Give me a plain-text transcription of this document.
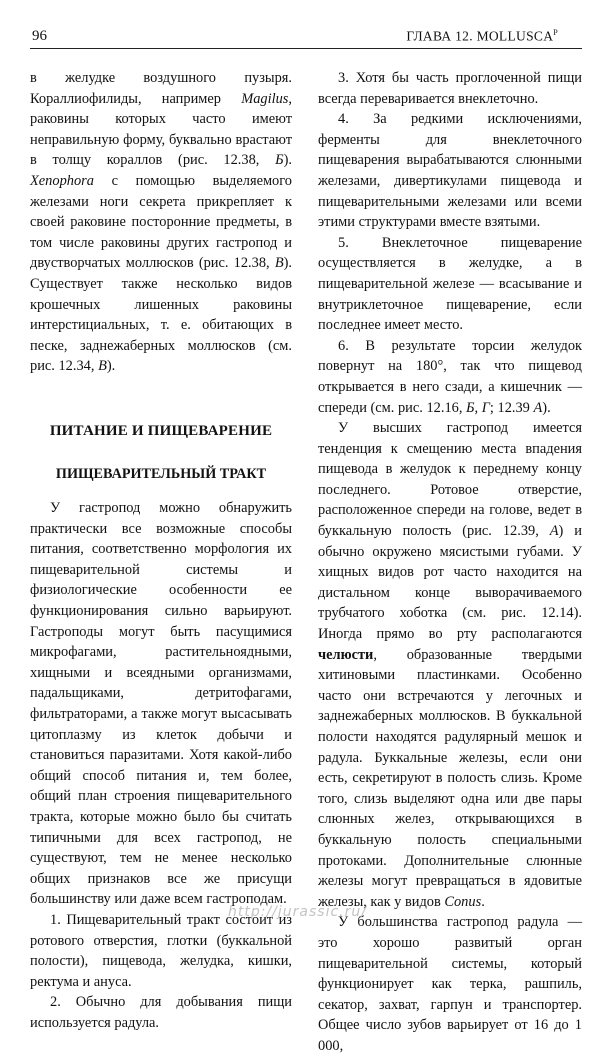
96	ГЛАВА 12. $MOLLUSCA^P$

в желудке воздушного пузыря. Кораллиофилиды, например Magilus, раковины которых часто имеют неправильную форму, буквально врастают в толщу кораллов (рис. 12.38, Б). Xenophora с помощью выделяемого железами ноги секрета прикрепляет к своей раковине посторонние предметы, в том числе раковины других гастропод и двустворчатых моллюсков (рис. 12.38, В). Существует также несколько видов крошечных лишенных раковины интерстициальных, т. е. обитающих в песке, заднежаберных моллюсков (см. рис. 12.34, В).

ПИТАНИЕ И ПИЩЕВАРЕНИЕ
ПИЩЕВАРИТЕЛЬНЫЙ ТРАКТ

У гастропод можно обнаружить практически все возможные способы питания, соответственно морфология их пищеварительной системы и физиологические особенности ее функционирования сильно варьируют. Гастроподы могут быть пасущимися микрофагами, растительноядными, хищными и всеядными организмами, падальщиками, детритофагами, фильтраторами, а также могут высасывать цитоплазму из клеток добычи и становиться паразитами. Хотя какой-либо общий способ питания и, тем более, общий план строения пищеварительного тракта, которые можно было бы считать типичными для всех гастропод, не существуют, тем не менее несколько общих признаков все же присущи большинству или даже всем гастроподам.

1. Пищеварительный тракт состоит из ротового отверстия, глотки (буккальной полости), пищевода, желудка, кишки, ректума и ануса.

2. Обычно для добывания пищи используется радула.

3. Хотя бы часть проглоченной пищи всегда переваривается внеклеточно.

4. За редкими исключениями, ферменты для внеклеточного пищеварения вырабатываются слюнными железами, дивертикулами пищевода и пищеварительными железами или всеми этими структурами вместе взятыми.

5. Внеклеточное пищеварение осуществляется в желудке, а в пищеварительной железе — всасывание и внутриклеточное пищеварение, если последнее имеет место.

6. В результате торсии желудок повернут на 180°, так что пищевод открывается в него сзади, а кишечник — спереди (см. рис. 12.16, Б, Г; 12.39 А).

У высших гастропод имеется тенденция к смещению места впадения пищевода в желудок к переднему концу последнего. Ротовое отверстие, расположенное спереди на голове, ведет в буккальную полость (рис. 12.39, А) и обычно окружено мясистыми губами. У хищных видов рот часто находится на дистальном конце выворачиваемого трубчатого хоботка (см. рис. 12.14). Иногда прямо во рту располагаются челюсти, образованные твердыми хитиновыми пластинками. Особенно часто они встречаются у легочных и заднежаберных моллюсков. В буккальной полости находятся радулярный мешок и радула. Буккальные железы, если они есть, секретируют в полость слизь. Кроме того, слизь выделяют одна или две пары слюнных желез, открывающихся в буккальную полость специальными протоками. Дополнительные слюнные железы могут превращаться в ядовитые железы, как у видов Conus.

У большинства гастропод радула — это хорошо развитый орган пищеварительной системы, который функционирует как терка, рашпиль, секатор, захват, гарпун и транспортер. Общее число зубов варьирует от 16 до 1 000,

http://jurassic.ru/
